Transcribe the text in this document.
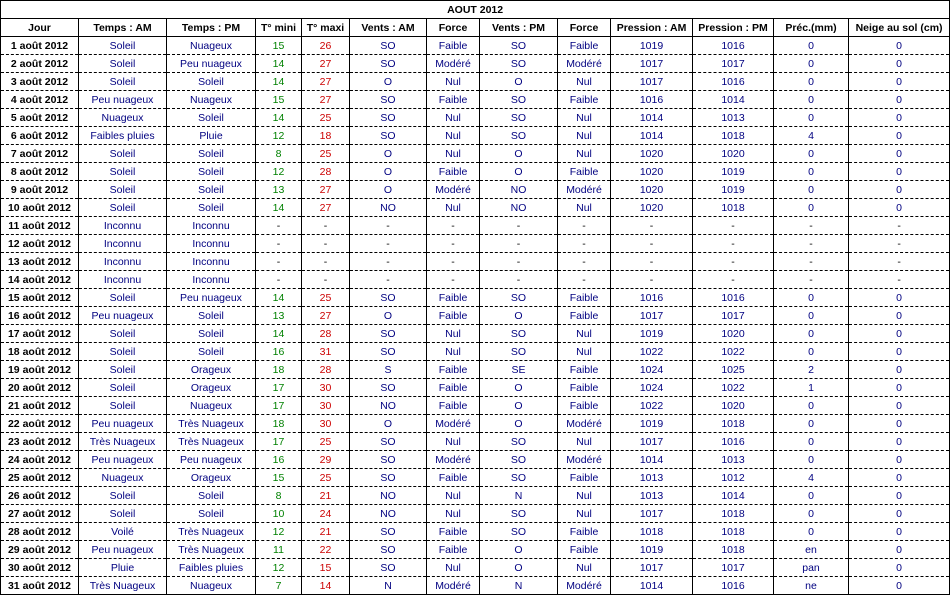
AOUT 2012												
Jour	Temps : AM	Temps : PM	T° mini	T° maxi	Vents : AM	Force	Vents : PM	Force	Pression : AM	Pression : PM	Préc.(mm)	Neige au sol (cm)
1 août 2012	Soleil	Nuageux	15	26	SO	Faible	SO	Faible	1019	1016	0	0
2 août 2012	Soleil	Peu nuageux	14	27	SO	Modéré	SO	Modéré	1017	1017	0	0
3 août 2012	Soleil	Soleil	14	27	O	Nul	O	Nul	1017	1016	0	0
4 août 2012	Peu nuageux	Nuageux	15	27	SO	Faible	SO	Faible	1016	1014	0	0
5 août 2012	Nuageux	Soleil	14	25	SO	Nul	SO	Nul	1014	1013	0	0
6 août 2012	Faibles pluies	Pluie	12	18	SO	Nul	SO	Nul	1014	1018	4	0
7 août 2012	Soleil	Soleil	8	25	O	Nul	O	Nul	1020	1020	0	0
8 août 2012	Soleil	Soleil	12	28	O	Faible	O	Faible	1020	1019	0	0
9 août 2012	Soleil	Soleil	13	27	O	Modéré	NO	Modéré	1020	1019	0	0
10 août 2012	Soleil	Soleil	14	27	NO	Nul	NO	Nul	1020	1018	0	0
11 août 2012	Inconnu	Inconnu	-	-	-	-	-	-	-	-	-	-
12 août 2012	Inconnu	Inconnu	-	-	-	-	-	-	-	-	-	-
13 août 2012	Inconnu	Inconnu	-	-	-	-	-	-	-	-	-	-
14 août 2012	Inconnu	Inconnu	-	-	-	-	-	-	-	-	-	-
15 août 2012	Soleil	Peu nuageux	14	25	SO	Faible	SO	Faible	1016	1016	0	0
16 août 2012	Peu nuageux	Soleil	13	27	O	Faible	O	Faible	1017	1017	0	0
17 août 2012	Soleil	Soleil	14	28	SO	Nul	SO	Nul	1019	1020	0	0
18 août 2012	Soleil	Soleil	16	31	SO	Nul	SO	Nul	1022	1022	0	0
19 août 2012	Soleil	Orageux	18	28	S	Faible	SE	Faible	1024	1025	2	0
20 août 2012	Soleil	Orageux	17	30	SO	Faible	O	Faible	1024	1022	1	0
21 août 2012	Soleil	Nuageux	17	30	NO	Faible	O	Faible	1022	1020	0	0
22 août 2012	Peu nuageux	Très Nuageux	18	30	O	Modéré	O	Modéré	1019	1018	0	0
23 août 2012	Très Nuageux	Très Nuageux	17	25	SO	Nul	SO	Nul	1017	1016	0	0
24 août 2012	Peu nuageux	Peu nuageux	16	29	SO	Modéré	SO	Modéré	1014	1013	0	0
25 août 2012	Nuageux	Orageux	15	25	SO	Faible	SO	Faible	1013	1012	4	0
26 août 2012	Soleil	Soleil	8	21	NO	Nul	N	Nul	1013	1014	0	0
27 août 2012	Soleil	Soleil	10	24	NO	Nul	SO	Nul	1017	1018	0	0
28 août 2012	Voilé	Très Nuageux	12	21	SO	Faible	SO	Faible	1018	1018	0	0
29 août 2012	Peu nuageux	Très Nuageux	11	22	SO	Faible	O	Faible	1019	1018	en	0
30 août 2012	Pluie	Faibles pluies	12	15	SO	Nul	O	Nul	1017	1017	pan	0
31 août 2012	Très Nuageux	Nuageux	7	14	N	Modéré	N	Modéré	1014	1016	ne	0
